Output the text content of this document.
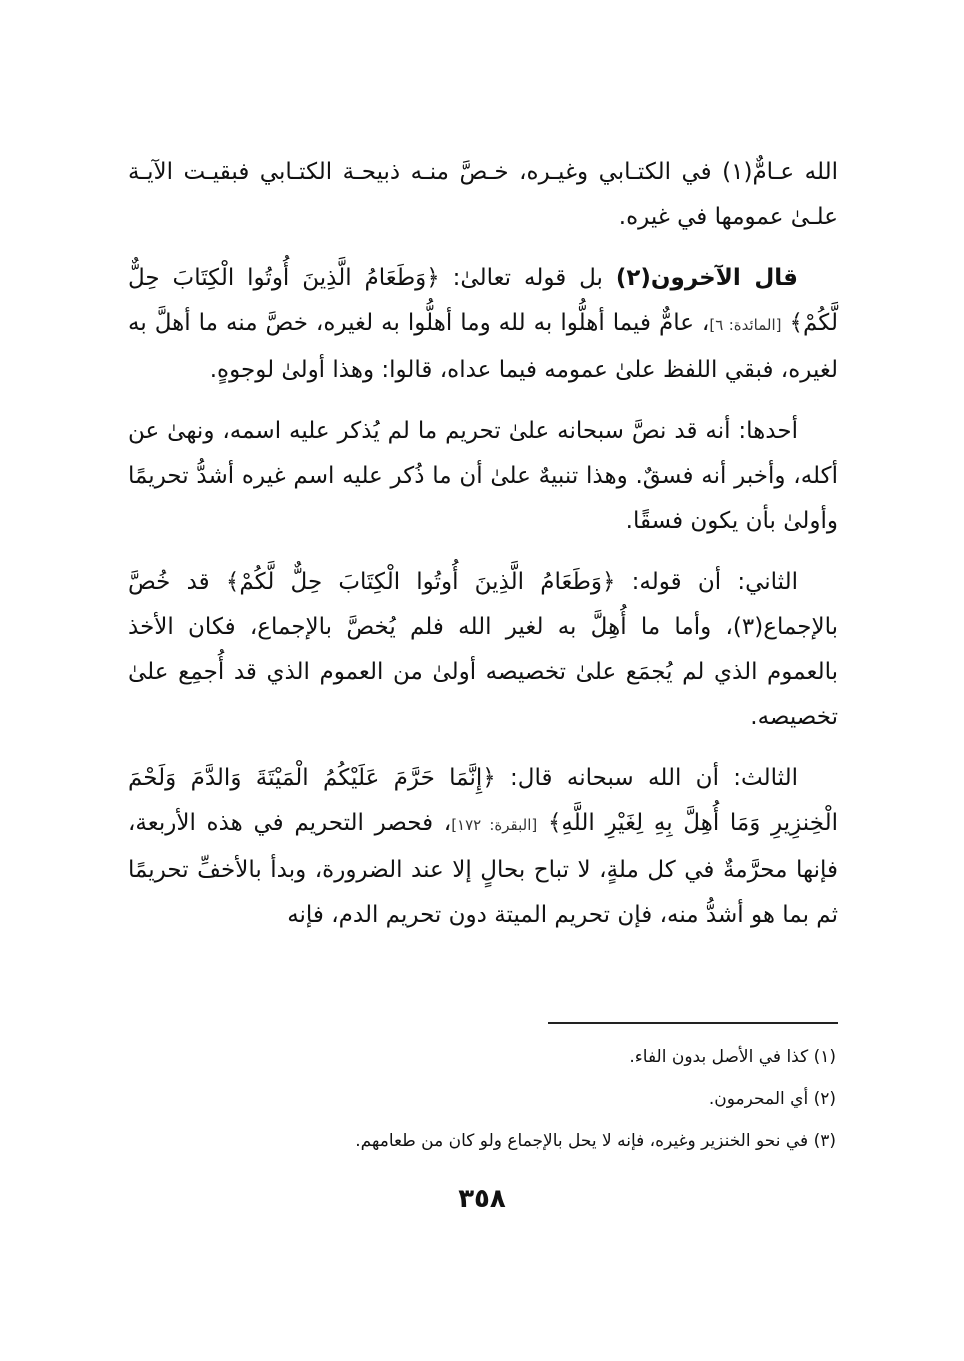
الله عـامٌّ(١) في الكتـابي وغيـره، خـصَّ منـه ذبيحـة الكتـابي فبقيـت الآيـة علـىٰ عمومها في غيره.

قال الآخرون(٢) بل قوله تعالىٰ: ﴿وَطَعَامُ الَّذِينَ أُوتُوا الْكِتَابَ حِلٌّ لَّكُمْ﴾ [المائدة: ٦]، عامٌّ فيما أهلُّوا به لله وما أهلُّوا به لغيره، خصَّ منه ما أهلَّ به لغيره، فبقي اللفظ علىٰ عمومه فيما عداه، قالوا: وهذا أولىٰ لوجوهٍ.

أحدها: أنه قد نصَّ سبحانه علىٰ تحريم ما لم يُذكر عليه اسمه، ونهىٰ عن أكله، وأخبر أنه فسقٌ. وهذا تنبيهٌ علىٰ أن ما ذُكر عليه اسم غيره أشدُّ تحريمًا وأولىٰ بأن يكون فسقًا.

الثاني: أن قوله: ﴿وَطَعَامُ الَّذِينَ أُوتُوا الْكِتَابَ حِلٌّ لَّكُمْ﴾ قد خُصَّ بالإجماع(٣)، وأما ما أُهِلَّ به لغير الله فلم يُخصَّ بالإجماع، فكان الأخذ بالعموم الذي لم يُجمَع علىٰ تخصيصه أولىٰ من العموم الذي قد أُجمِع علىٰ تخصيصه.

الثالث: أن الله سبحانه قال: ﴿إِنَّمَا حَرَّمَ عَلَيْكُمُ الْمَيْتَةَ وَالدَّمَ وَلَحْمَ الْخِنزِيرِ وَمَا أُهِلَّ بِهِ لِغَيْرِ اللَّهِ﴾ [البقرة: ١٧٢]، فحصر التحريم في هذه الأربعة، فإنها محرَّمةٌ في كل ملةٍ، لا تباح بحالٍ إلا عند الضرورة، وبدأ بالأخفِّ تحريمًا ثم بما هو أشدُّ منه، فإن تحريم الميتة دون تحريم الدم، فإنه

(١) كذا في الأصل بدون الفاء.

(٢) أي المحرمون.

(٣) في نحو الخنزير وغيره، فإنه لا يحل بالإجماع ولو كان من طعامهم.

٣٥٨
